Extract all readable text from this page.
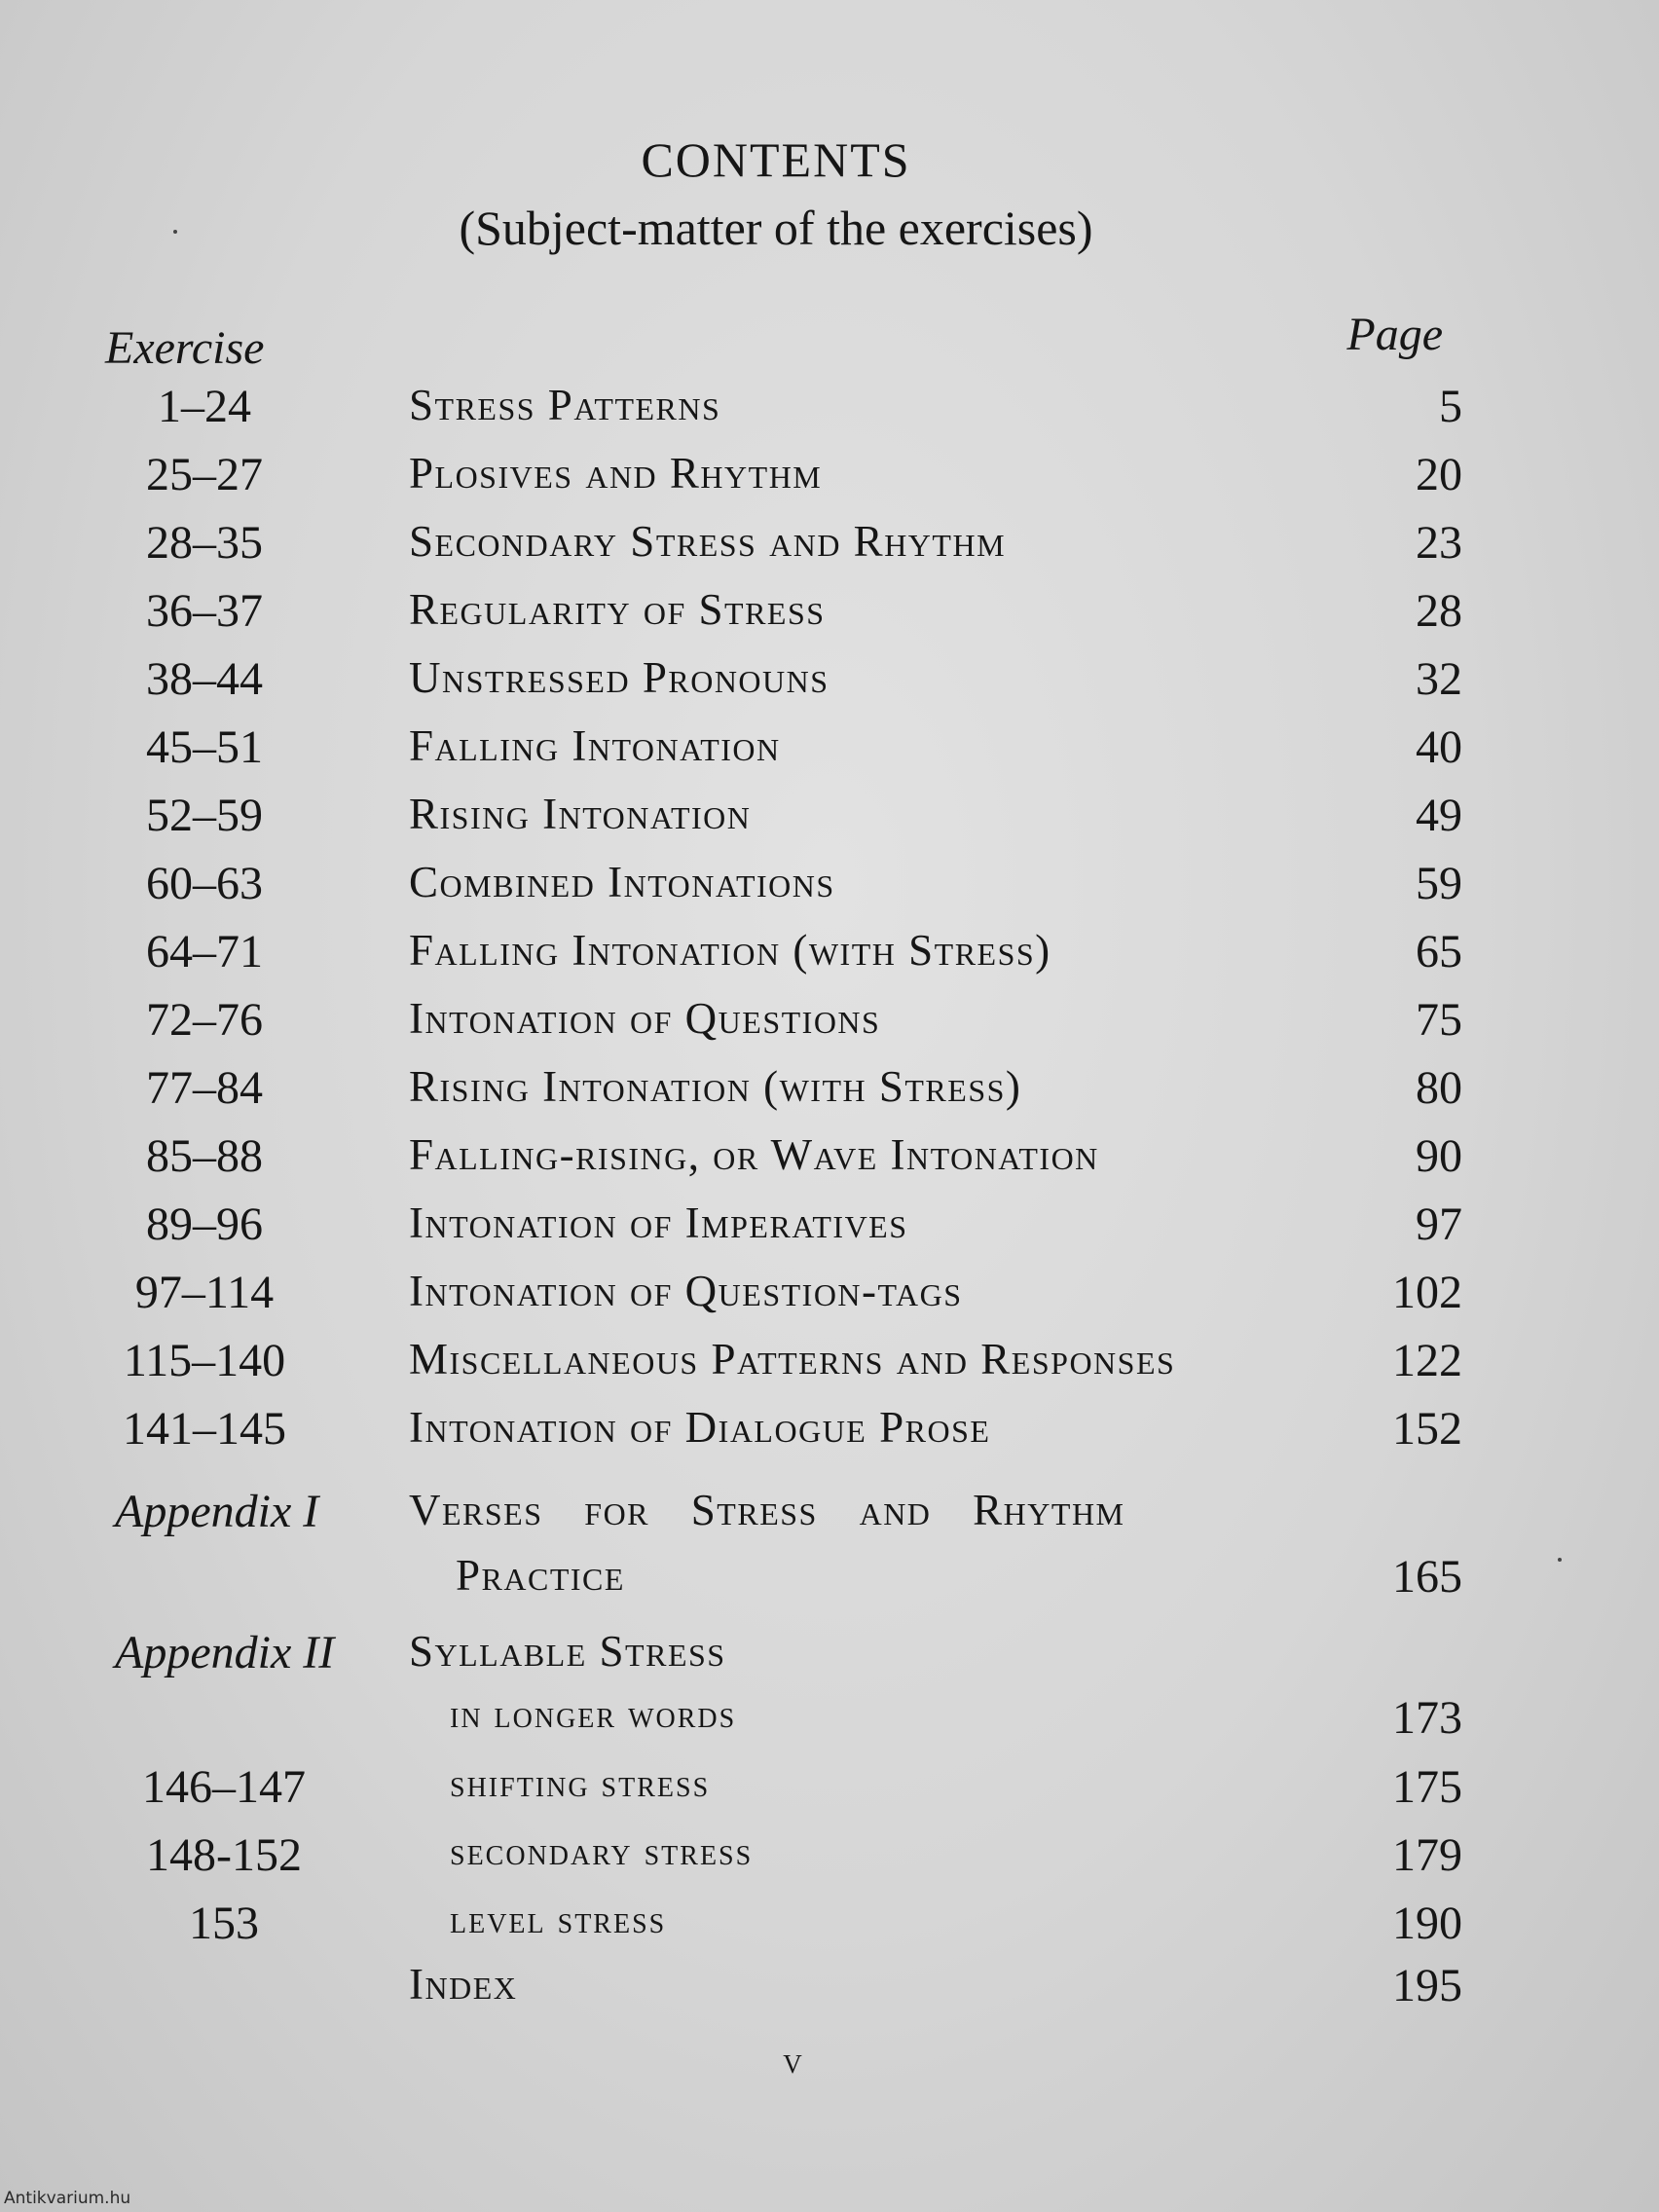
CONTENTS
(Subject-matter of the exercises)
Exercise	Page
1–24	Stress Patterns	5
25–27	Plosives and Rhythm	20
28–35	Secondary Stress and Rhythm	23
36–37	Regularity of Stress	28
38–44	Unstressed Pronouns	32
45–51	Falling Intonation	40
52–59	Rising Intonation	49
60–63	Combined Intonations	59
64–71	Falling Intonation (with Stress)	65
72–76	Intonation of Questions	75
77–84	Rising Intonation (with Stress)	80
85–88	Falling-rising, or Wave Intonation	90
89–96	Intonation of Imperatives	97
97–114	Intonation of Question-tags	102
115–140	Miscellaneous Patterns and Responses	122
141–145	Intonation of Dialogue Prose	152
Appendix I Verses for Stress and Rhythm
Practice	165
Appendix II Syllable Stress
in longer words	173
146–147	shifting stress	175
148-152	secondary stress	179
153	level stress	190
Index	195
v
Antikvarium.hu
